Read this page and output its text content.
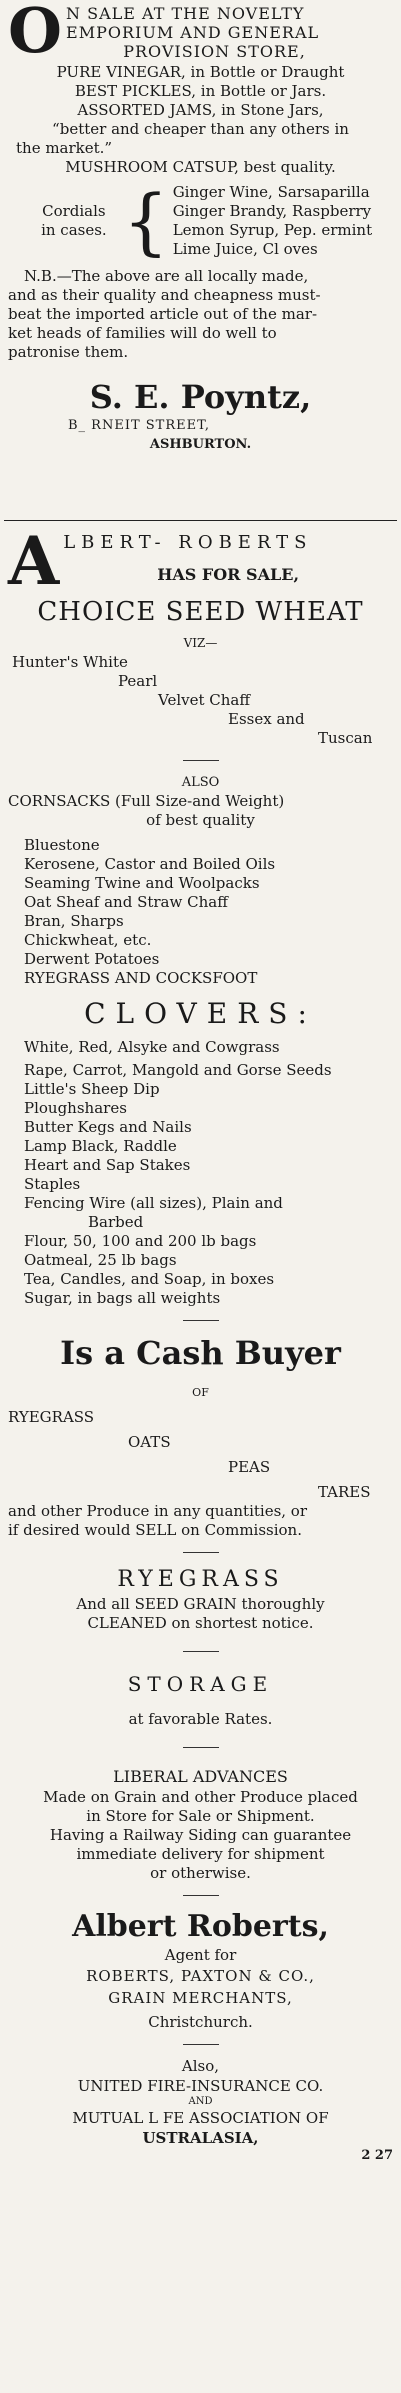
O N SALE AT THE NOVELTY
EMPORIUM AND GENERAL
PROVISION STORE,
PURE VINEGAR, in Bottle or Draught
BEST PICKLES, in Bottle or Jars.
ASSORTED JAMS, in Stone Jars,
“better and cheaper than any others in
the market.”
MUSHROOM CATSUP, best quality.
Cordials
in cases. { Ginger Wine, Sarsaparilla
Ginger Brandy, Raspberry
Lemon Syrup, Pep. ermint
Lime Juice, Cl oves
N.B.—The above are all locally made,
and as their quality and cheapness must-
beat the imported article out of the mar-
ket heads of families will do well to
patronise them.
S. E. Poyntz,
B_ RNEIT STREET,
ASHBURTON.
A LBERT- ROBERTS
HAS FOR SALE,
CHOICE SEED WHEAT
VIZ—
Hunter's White
Pearl
Velvet Chaff
Essex and
Tuscan
ALSO
CORNSACKS (Full Size-and Weight)
of best quality
Bluestone
Kerosene, Castor and Boiled Oils
Seaming Twine and Woolpacks
Oat Sheaf and Straw Chaff
Bran, Sharps
Chickwheat, etc.
Derwent Potatoes
RYEGRASS AND COCKSFOOT
CLOVERS:
White, Red, Alsyke and Cowgrass
Rape, Carrot, Mangold and Gorse Seeds
Little's Sheep Dip
Ploughshares
Butter Kegs and Nails
Lamp Black, Raddle
Heart and Sap Stakes
Staples
Fencing Wire (all sizes), Plain and
Barbed
Flour, 50, 100 and 200 lb bags
Oatmeal, 25 lb bags
Tea, Candles, and Soap, in boxes
Sugar, in bags all weights
Is a Cash Buyer
OF
RYEGRASS
OATS
PEAS
TARES
and other Produce in any quantities, or
if desired would SELL on Commission.
RYEGRASS
And all SEED GRAIN thoroughly
CLEANED on shortest notice.
STORAGE
at favorable Rates.
LIBERAL ADVANCES
Made on Grain and other Produce placed
in Store for Sale or Shipment.
Having a Railway Siding can guarantee
immediate delivery for shipment
or otherwise.
Albert Roberts,
Agent for
ROBERTS, PAXTON & CO.,
GRAIN MERCHANTS,
Christchurch.
Also,
UNITED FIRE-INSURANCE CO.
AND
MUTUAL L FE ASSOCIATION OF
USTRALASIA,
2 27
